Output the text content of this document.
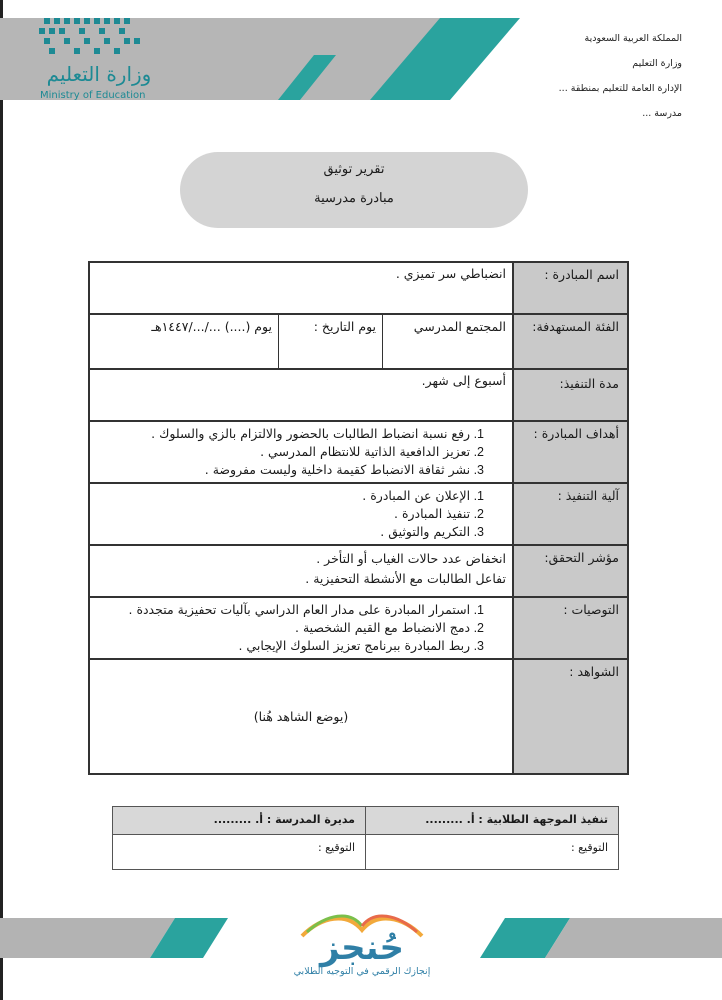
وزارة التعليم
Ministry of Education
المملكة العربية السعودية
وزارة التعليم
الإدارة العامة للتعليم بمنطقة ...
مدرسة ...
تقرير توثيق
مبادرة مدرسية
اسم المبادرة :
انضباطي سر تميزي .
الفئة المستهدفة:
المجتمع المدرسي
يوم التاريخ :
يوم (....) .../.../١٤٤٧هـ
مدة التنفيذ:
أسبوع إلى شهر.
أهداف المبادرة :
رفع نسبة انضباط الطالبات بالحضور والالتزام بالزي والسلوك .
تعزيز الدافعية الذاتية للانتظام المدرسي .
نشر ثقافة الانضباط كقيمة داخلية وليست مفروضة .
آلية التنفيذ :
الإعلان عن المبادرة .
تنفيذ المبادرة .
التكريم والتوثيق .
مؤشر التحقق:
انخفاض عدد حالات الغياب أو التأخر .
تفاعل الطالبات مع الأنشطة التحفيزية .
التوصيات :
استمرار المبادرة على مدار العام الدراسي بآليات تحفيزية متجددة .
دمج الانضباط مع القيم الشخصية .
ربط المبادرة ببرنامج تعزيز السلوك الإيجابي .
الشواهد :
(يوضع الشاهد هُنا)
تنفيذ الموجهة الطلابية : أ. .........
التوقيع :
مديرة المدرسة : أ. .........
التوقيع :
حُنجز
إنجازك الرقمي في التوجيه الطلابي
